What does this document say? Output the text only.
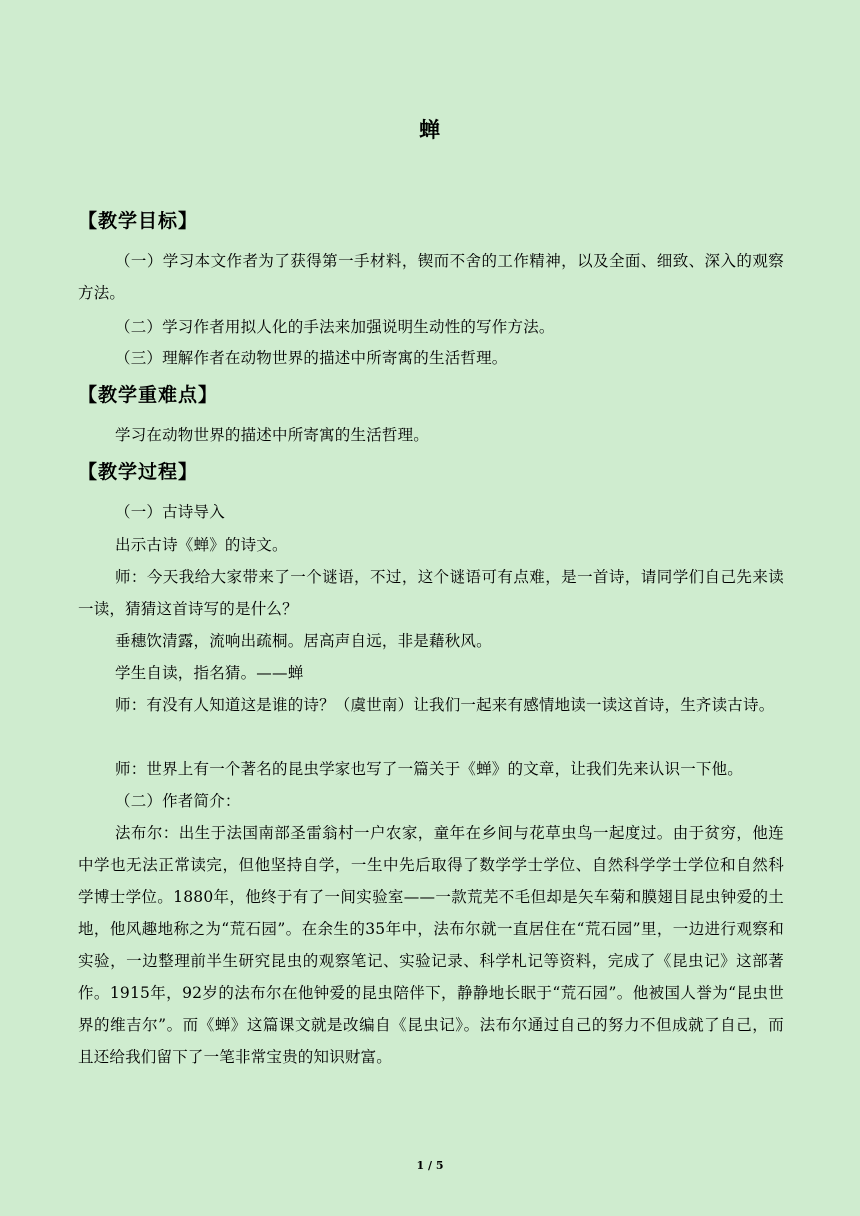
蝉
【教学目标】
（一）学习本文作者为了获得第一手材料，锲而不舍的工作精神，以及全面、细致、深入的观察方法。
（二）学习作者用拟人化的手法来加强说明生动性的写作方法。
（三）理解作者在动物世界的描述中所寄寓的生活哲理。
【教学重难点】
学习在动物世界的描述中所寄寓的生活哲理。
【教学过程】
（一）古诗导入
出示古诗《蝉》的诗文。
师：今天我给大家带来了一个谜语，不过，这个谜语可有点难，是一首诗，请同学们自己先来读一读，猜猜这首诗写的是什么？
垂穗饮清露，流响出疏桐。居高声自远，非是藉秋风。
学生自读，指名猜。——蝉
师：有没有人知道这是谁的诗？（虞世南）让我们一起来有感情地读一读这首诗，生齐读古诗。
师：世界上有一个著名的昆虫学家也写了一篇关于《蝉》的文章，让我们先来认识一下他。
（二）作者简介：
法布尔：出生于法国南部圣雷翁村一户农家，童年在乡间与花草虫鸟一起度过。由于贫穷，他连中学也无法正常读完，但他坚持自学，一生中先后取得了数学学士学位、自然科学学士学位和自然科学博士学位。1880年，他终于有了一间实验室——一款荒芜不毛但却是矢车菊和膜翅目昆虫钟爱的土地，他风趣地称之为“荒石园”。在余生的35年中，法布尔就一直居住在“荒石园”里，一边进行观察和实验，一边整理前半生研究昆虫的观察笔记、实验记录、科学札记等资料，完成了《昆虫记》这部著作。1915年，92岁的法布尔在他钟爱的昆虫陪伴下，静静地长眠于“荒石园”。他被国人誉为“昆虫世界的维吉尔”。而《蝉》这篇课文就是改编自《昆虫记》。法布尔通过自己的努力不但成就了自己，而且还给我们留下了一笔非常宝贵的知识财富。
1 / 5
